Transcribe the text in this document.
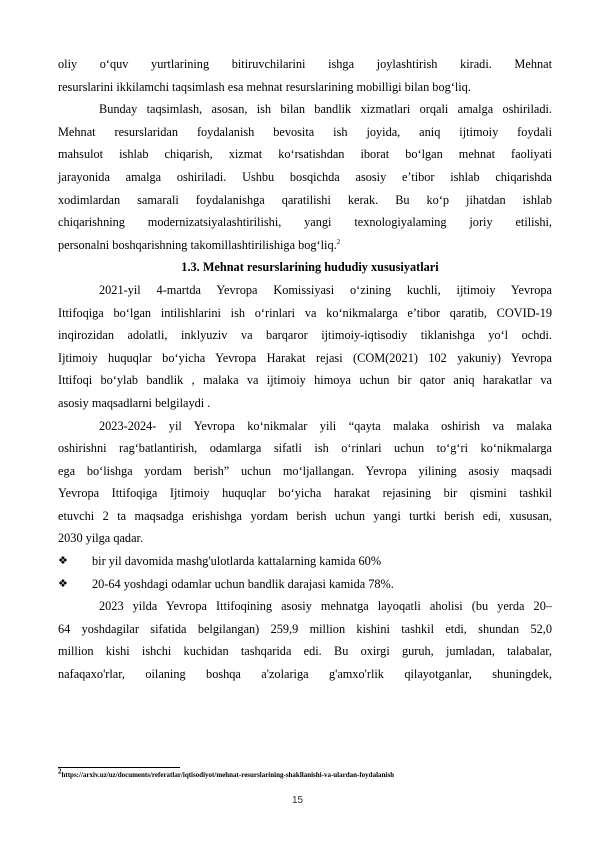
oliy o‘quv yurtlarining bitiruvchilarini ishga joylashtirish kiradi. Mehnat

resurslarini ikkilamchi taqsimlash esa mehnat resurslarining mobilligi bilan bog‘liq.

Bunday taqsimlash, asosan, ish bilan bandlik xizmatlari orqali amalga oshiriladi.

Mehnat resurslaridan foydalanish bevosita ish joyida, aniq ijtimoiy foydali

mahsulot ishlab chiqarish, xizmat ko‘rsatishdan iborat bo‘lgan mehnat faoliyati

jarayonida amalga oshiriladi. Ushbu bosqichda asosiy e’tibor ishlab chiqarishda

xodimlardan samarali foydalanishga qaratilishi kerak. Bu ko‘p jihatdan ishlab

chiqarishning modernizatsiyalashtirilishi, yangi texnologiyalaming joriy etilishi,

personalni boshqarishning takomillashtirilishiga bog‘liq.$^2$

1.3. Mehnat resurslarining hududiy xususiyatlari

2021-yil 4-martda Yevropa Komissiyasi o‘zining kuchli, ijtimoiy Yevropa

Ittifoqiga bo‘lgan intilishlarini ish o‘rinlari va ko‘nikmalarga e’tibor qaratib, COVID-19

inqirozidan adolatli, inklyuziv va barqaror ijtimoiy-iqtisodiy tiklanishga yo‘l ochdi.

Ijtimoiy huquqlar bo‘yicha Yevropa Harakat rejasi (COM(2021) 102 yakuniy) Yevropa

Ittifoqi bo‘ylab bandlik , malaka va ijtimoiy himoya uchun bir qator aniq harakatlar va

asosiy maqsadlarni belgilaydi .

2023-2024- yil Yevropa ko‘nikmalar yili “qayta malaka oshirish va malaka

oshirishni rag‘batlantirish, odamlarga sifatli ish o‘rinlari uchun to‘g‘ri ko‘nikmalarga

ega bo‘lishga yordam berish” uchun mo‘ljallangan. Yevropa yilining asosiy maqsadi

Yevropa Ittifoqiga Ijtimoiy huquqlar bo‘yicha harakat rejasining bir qismini tashkil

etuvchi 2 ta maqsadga erishishga yordam berish uchun yangi turtki berish edi, xususan,

2030 yilga qadar.

❖	bir yil davomida mashg'ulotlarda kattalarning kamida 60%
❖	20-64 yoshdagi odamlar uchun bandlik darajasi kamida 78%.

2023 yilda Yevropa Ittifoqining asosiy mehnatga layoqatli aholisi (bu yerda 20–

64 yoshdagilar sifatida belgilangan) 259,9 million kishini tashkil etdi, shundan 52,0

million kishi ishchi kuchidan tashqarida edi. Bu oxirgi guruh, jumladan, talabalar,

nafaqaxo'rlar, oilaning boshqa a'zolariga g'amxo'rlik qilayotganlar, shuningdek,

$^2$https://arxiv.uz/uz/documents/referatlar/iqtisodiyot/mehnat-resurslarining-shakllanishi-va-ulardan-foydalanish
15
